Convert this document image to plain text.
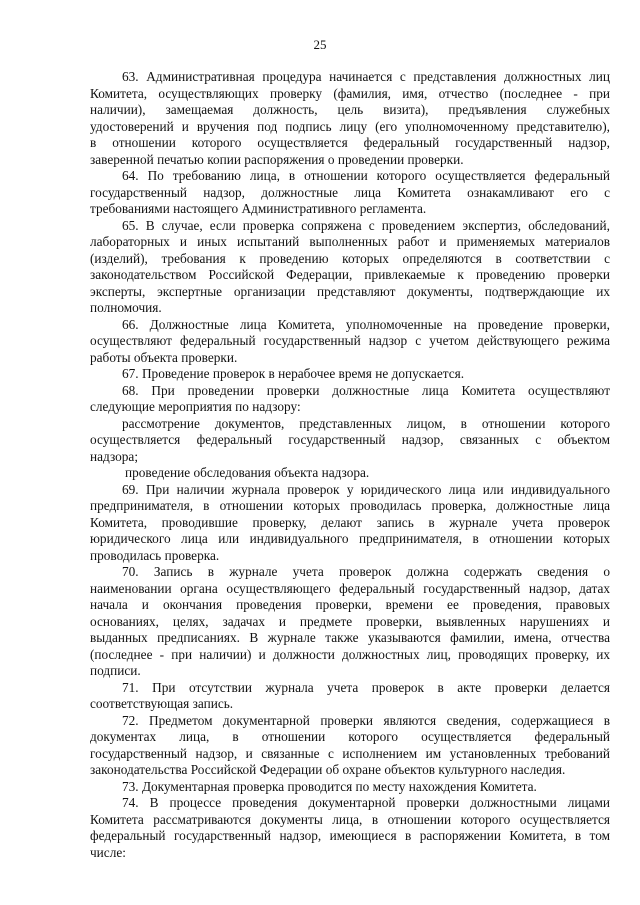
25
63. Административная процедура начинается с представления должностных лиц
Комитета, осуществляющих проверку (фамилия, имя, отчество (последнее - при
наличии), замещаемая должность, цель визита), предъявления служебных
удостоверений и вручения под подпись лицу (его уполномоченному представителю),
в отношении которого осуществляется федеральный государственный надзор,
заверенной печатью копии распоряжения о проведении проверки.
64. По требованию лица, в отношении которого осуществляется федеральный
государственный надзор, должностные лица Комитета ознакамливают его с
требованиями настоящего Административного регламента.
65. В случае, если проверка сопряжена с проведением экспертиз, обследований,
лабораторных и иных испытаний выполненных работ и применяемых материалов
(изделий), требования к проведению которых определяются в соответствии с
законодательством Российской Федерации, привлекаемые к проведению проверки
эксперты, экспертные организации представляют документы, подтверждающие их
полномочия.
66. Должностные лица Комитета, уполномоченные на проведение проверки,
осуществляют федеральный государственный надзор с учетом действующего режима
работы объекта проверки.
67. Проведение проверок в нерабочее время не допускается.
68. При проведении проверки должностные лица Комитета осуществляют
следующие мероприятия по надзору:
рассмотрение документов, представленных лицом, в отношении которого
осуществляется федеральный государственный надзор, связанных с объектом
надзора;
проведение обследования объекта надзора.
69. При наличии журнала проверок у юридического лица или индивидуального
предпринимателя, в отношении которых проводилась проверка, должностные лица
Комитета, проводившие проверку, делают запись в журнале учета проверок
юридического лица или индивидуального предпринимателя, в отношении которых
проводилась проверка.
70. Запись в журнале учета проверок должна содержать сведения о
наименовании органа осуществляющего федеральный государственный надзор, датах
начала и окончания проведения проверки, времени ее проведения, правовых
основаниях, целях, задачах и предмете проверки, выявленных нарушениях и
выданных предписаниях. В журнале также указываются фамилии, имена, отчества
(последнее - при наличии) и должности должностных лиц, проводящих проверку, их
подписи.
71. При отсутствии журнала учета проверок в акте проверки делается
соответствующая запись.
72. Предметом документарной проверки являются сведения, содержащиеся в
документах лица, в отношении которого осуществляется федеральный
государственный надзор, и связанные с исполнением им установленных требований
законодательства Российской Федерации об охране объектов культурного наследия.
73. Документарная проверка проводится по месту нахождения Комитета.
74. В процессе проведения документарной проверки должностными лицами
Комитета рассматриваются документы лица, в отношении которого осуществляется
федеральный государственный надзор, имеющиеся в распоряжении Комитета, в том
числе:
